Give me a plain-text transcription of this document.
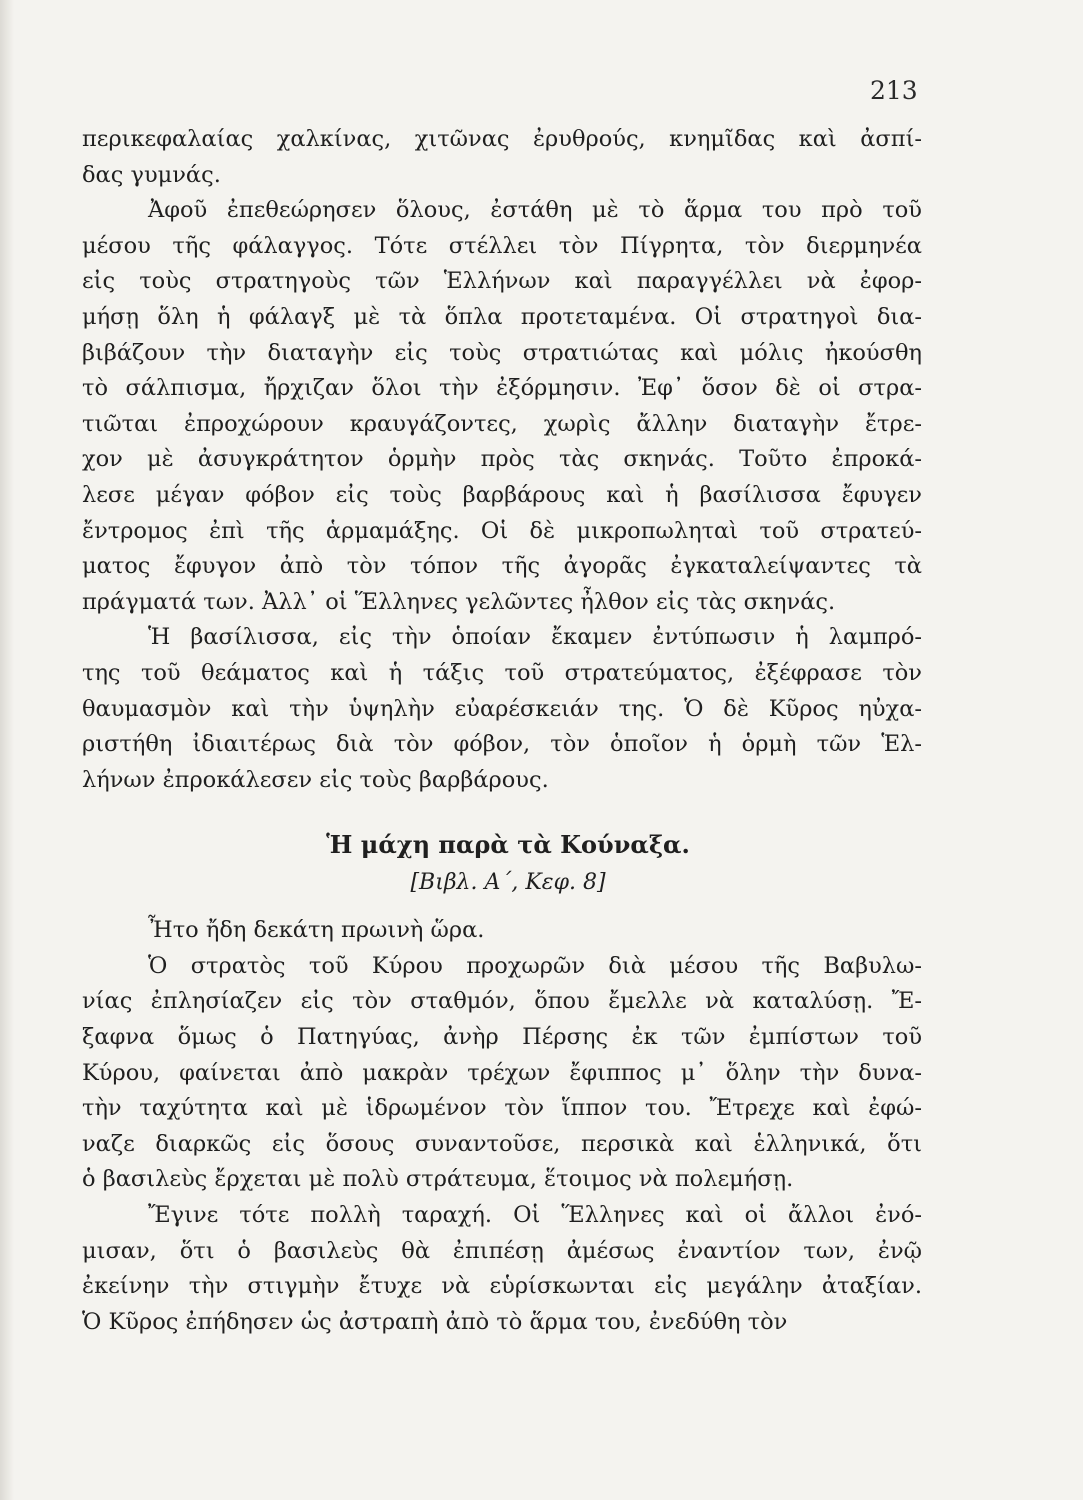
213
περικεφαλαίας χαλκίνας, χιτῶνας ἐρυθρούς, κνημῖδας καὶ ἀσπί-
δας γυμνάς.
Ἀφοῦ ἐπεθεώρησεν ὅλους, ἐστάθη μὲ τὸ ἅρμα του πρὸ τοῦ
μέσου τῆς φάλαγγος. Τότε στέλλει τὸν Πίγρητα, τὸν διερμηνέα
εἰς τοὺς στρατηγοὺς τῶν Ἑλλήνων καὶ παραγγέλλει νὰ ἐφορ-
μήσῃ ὅλη ἡ φάλαγξ μὲ τὰ ὅπλα προτεταμένα. Οἱ στρατηγοὶ δια-
βιβάζουν τὴν διαταγὴν εἰς τοὺς στρατιώτας καὶ μόλις ἠκούσθη
τὸ σάλπισμα, ἤρχιζαν ὅλοι τὴν ἐξόρμησιν. Ἐφ᾽ ὅσον δὲ οἱ στρα-
τιῶται ἐπροχώρουν κραυγάζοντες, χωρὶς ἄλλην διαταγὴν ἔτρε-
χον μὲ ἀσυγκράτητον ὁρμὴν πρὸς τὰς σκηνάς. Τοῦτο ἐπροκά-
λεσε μέγαν φόβον εἰς τοὺς βαρβάρους καὶ ἡ βασίλισσα ἔφυγεν
ἔντρομος ἐπὶ τῆς ἁρμαμάξης. Οἱ δὲ μικροπωληταὶ τοῦ στρατεύ-
ματος ἔφυγον ἀπὸ τὸν τόπον τῆς ἀγορᾶς ἐγκαταλείψαντες τὰ
πράγματά των. Ἀλλ᾽ οἱ Ἕλληνες γελῶντες ἦλθον εἰς τὰς σκηνάς.
Ἡ βασίλισσα, εἰς τὴν ὁποίαν ἔκαμεν ἐντύπωσιν ἡ λαμπρό-
της τοῦ θεάματος καὶ ἡ τάξις τοῦ στρατεύματος, ἐξέφρασε τὸν
θαυμασμὸν καὶ τὴν ὑψηλὴν εὐαρέσκειάν της. Ὁ δὲ Κῦρος ηὐχα-
ριστήθη ἰδιαιτέρως διὰ τὸν φόβον, τὸν ὁποῖον ἡ ὁρμὴ τῶν Ἑλ-
λήνων ἐπροκάλεσεν εἰς τοὺς βαρβάρους.
Ἡ μάχη παρὰ τὰ Κούναξα.
[Βιβλ. Α΄, Κεφ. 8]
Ἦτο ἤδη δεκάτη πρωινὴ ὥρα.
Ὁ στρατὸς τοῦ Κύρου προχωρῶν διὰ μέσου τῆς Βαβυλω-
νίας ἐπλησίαζεν εἰς τὸν σταθμόν, ὅπου ἔμελλε νὰ καταλύσῃ. Ἔ-
ξαφνα ὅμως ὁ Πατηγύας, ἀνὴρ Πέρσης ἐκ τῶν ἐμπίστων τοῦ
Κύρου, φαίνεται ἀπὸ μακρὰν τρέχων ἔφιππος μ᾽ ὅλην τὴν δυνα-
τὴν ταχύτητα καὶ μὲ ἱδρωμένον τὸν ἵππον του. Ἔτρεχε καὶ ἐφώ-
ναζε διαρκῶς εἰς ὅσους συναντοῦσε, περσικὰ καὶ ἑλληνικά, ὅτι
ὁ βασιλεὺς ἔρχεται μὲ πολὺ στράτευμα, ἕτοιμος νὰ πολεμήσῃ.
Ἔγινε τότε πολλὴ ταραχή. Οἱ Ἕλληνες καὶ οἱ ἄλλοι ἐνό-
μισαν, ὅτι ὁ βασιλεὺς θὰ ἐπιπέσῃ ἀμέσως ἐναντίον των, ἐνῷ
ἐκείνην τὴν στιγμὴν ἔτυχε νὰ εὑρίσκωνται εἰς μεγάλην ἀταξίαν.
Ὁ Κῦρος ἐπήδησεν ὡς ἀστραπὴ ἀπὸ τὸ ἅρμα του, ἐνεδύθη τὸν
